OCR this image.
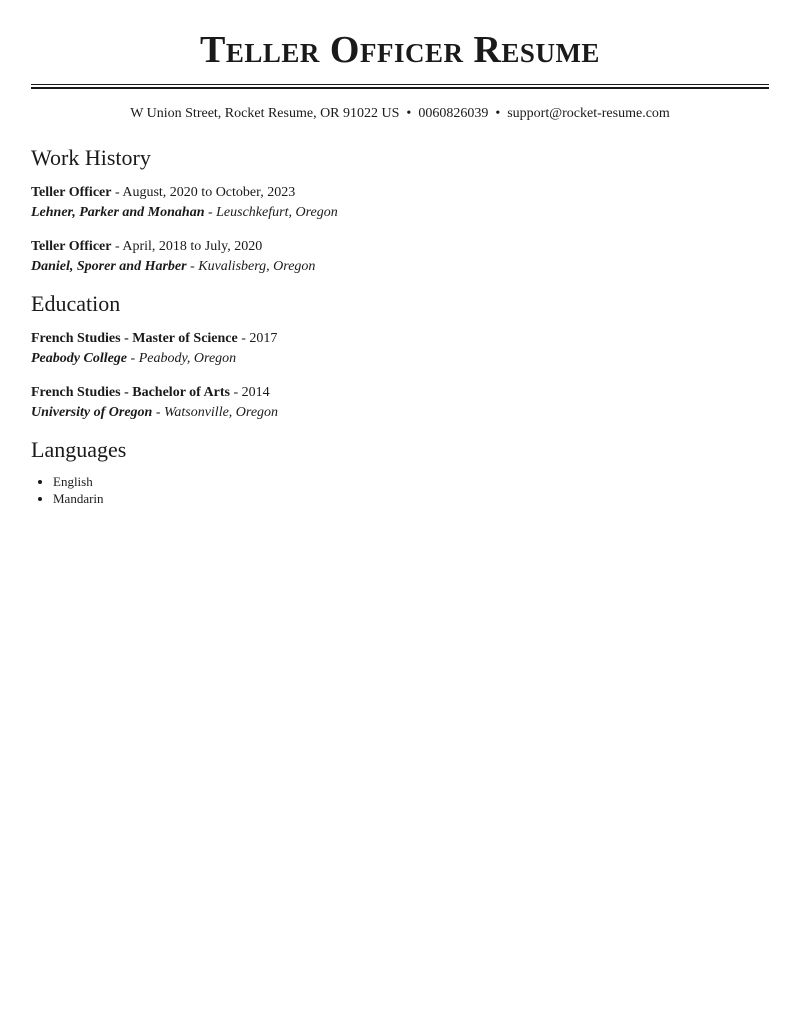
Teller Officer Resume
W Union Street, Rocket Resume, OR 91022 US • 0060826039 • support@rocket-resume.com
Work History
Teller Officer - August, 2020 to October, 2023
Lehner, Parker and Monahan - Leuschkefurt, Oregon
Teller Officer - April, 2018 to July, 2020
Daniel, Sporer and Harber - Kuvalisberg, Oregon
Education
French Studies - Master of Science - 2017
Peabody College - Peabody, Oregon
French Studies - Bachelor of Arts - 2014
University of Oregon - Watsonville, Oregon
Languages
• English
• Mandarin
